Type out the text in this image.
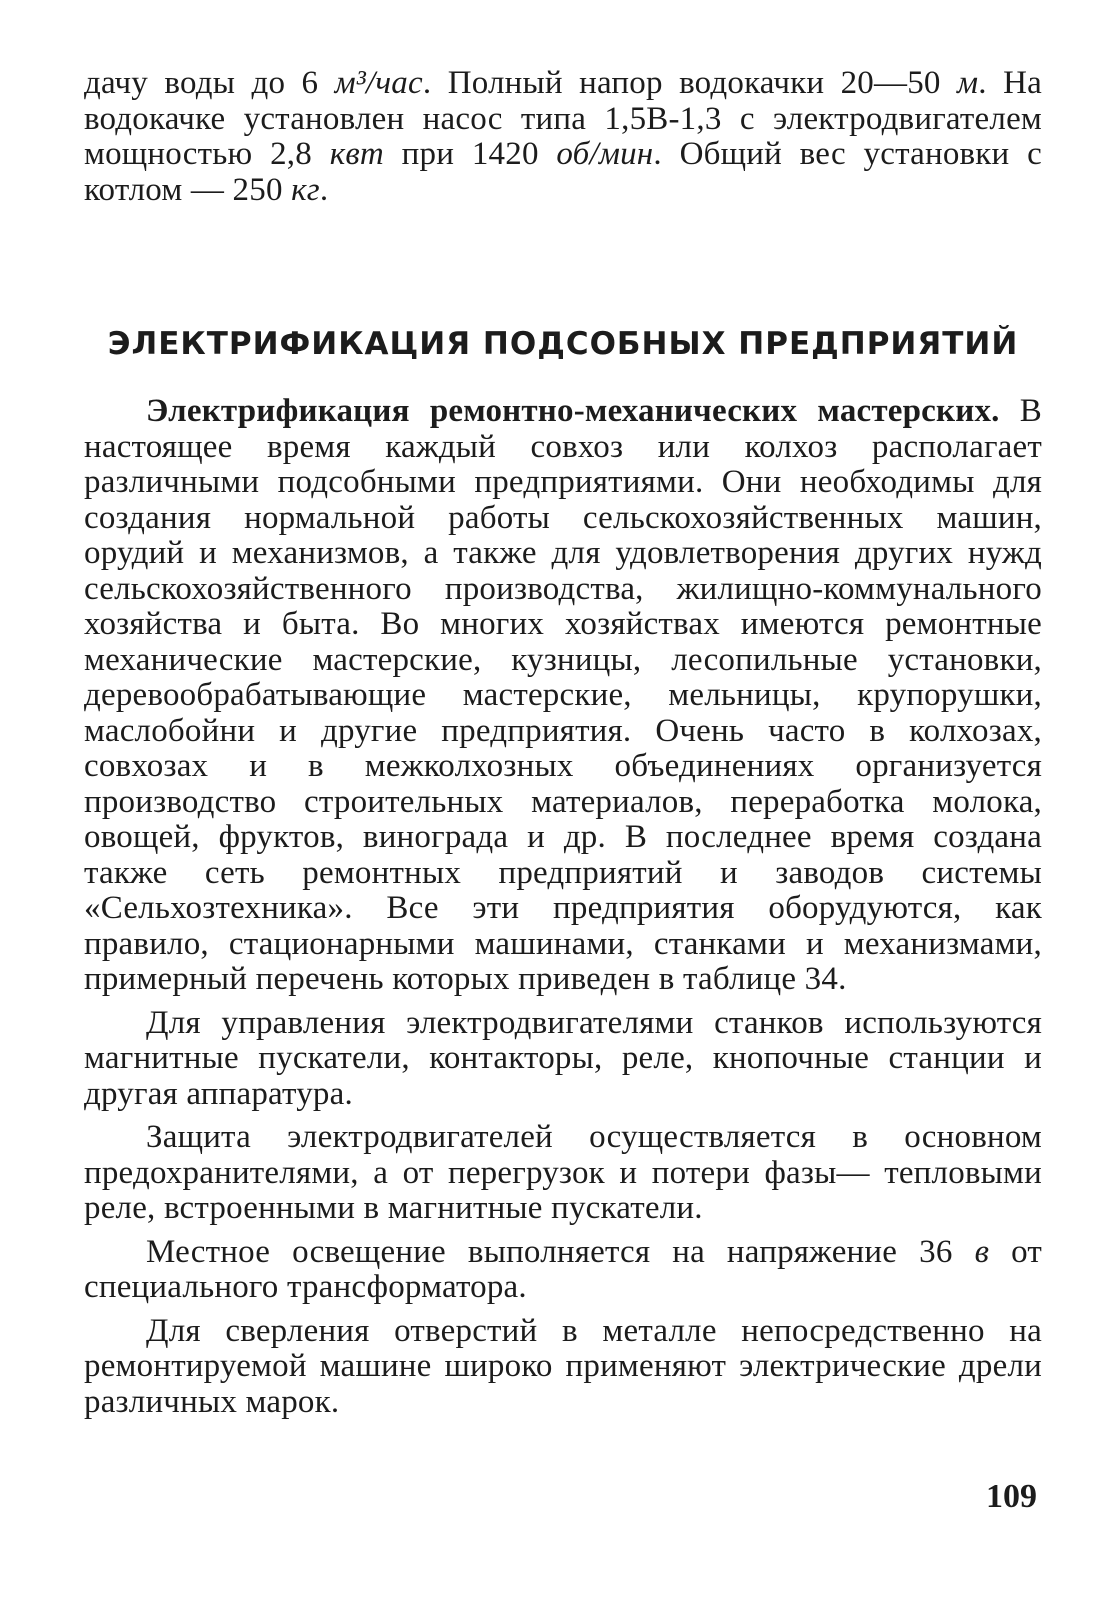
дачу воды до 6 м³/час. Полный напор водокачки 20—50 м. На водокачке установлен насос типа 1,5В-1,3 с электродвигателем мощностью 2,8 квт при 1420 об/мин. Общий вес установки с котлом — 250 кг.

ЭЛЕКТРИФИКАЦИЯ ПОДСОБНЫХ ПРЕДПРИЯТИЙ

Электрификация ремонтно-механических мастерских. В настоящее время каждый совхоз или колхоз располагает различными подсобными предприятиями. Они необходимы для создания нормальной работы сельскохозяйственных машин, орудий и механизмов, а также для удовлетворения других нужд сельскохозяйственного производства, жилищно-коммунального хозяйства и быта. Во многих хозяйствах имеются ремонтные механические мастерские, кузницы, лесопильные установки, деревообрабатывающие мастерские, мельницы, крупорушки, маслобойни и другие предприятия. Очень часто в колхозах, совхозах и в межколхозных объединениях организуется производство строительных материалов, переработка молока, овощей, фруктов, винограда и др. В последнее время создана также сеть ремонтных предприятий и заводов системы «Сельхозтехника». Все эти предприятия оборудуются, как правило, стационарными машинами, станками и механизмами, примерный перечень которых приведен в таблице 34.

Для управления электродвигателями станков используются магнитные пускатели, контакторы, реле, кнопочные станции и другая аппаратура.

Защита электродвигателей осуществляется в основном предохранителями, а от перегрузок и потери фазы— тепловыми реле, встроенными в магнитные пускатели.

Местное освещение выполняется на напряжение 36 в от специального трансформатора.

Для сверления отверстий в металле непосредственно на ремонтируемой машине широко применяют электрические дрели различных марок.

109
